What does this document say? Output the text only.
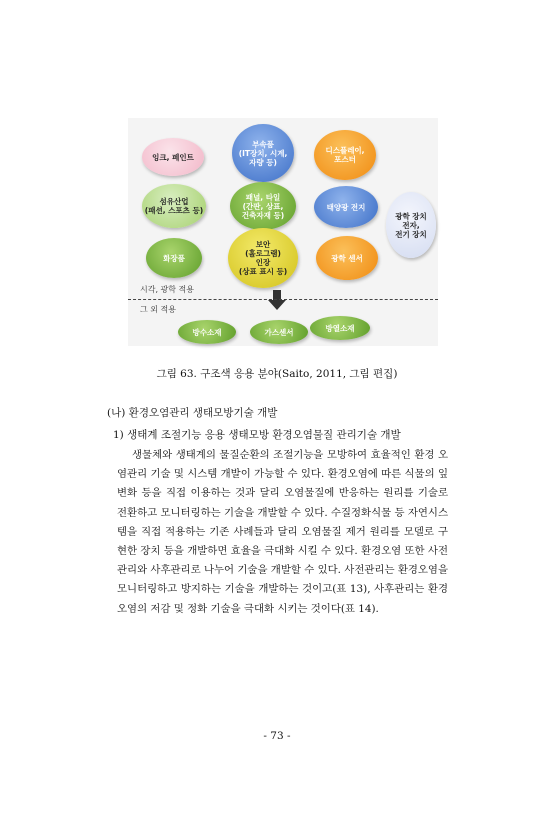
잉크, 페인트
부속품
(IT장치, 시계,
자량 등)
디스플레이,
포스터
섬유산업
(패션, 스포츠 등)
패널, 타일
(간판, 상표,
건축자재 등)
태양광 전지
광학 장치
전자,
전기 장치
화장품
보안
(홀로그램)
인장
(상표 표시 등)
광학 센서
시각, 광학 적용
그 외 적용
방수소재	가스센서	방열소재
그림 63. 구조색 응용 분야(Saito, 2011, 그림 편집)
(나) 환경오염관리 생태모방기술 개발
1) 생태계 조절기능 응용 생태모방 환경오염물질 관리기술 개발

생물체와 생태계의 물질순환의 조절기능을 모방하여 효율적인 환경 오염관리 기술 및 시스템 개발이 가능할 수 있다. 환경오염에 따른 식물의 잎 변화 등을 직접 이용하는 것과 달리 오염물질에 반응하는 원리를 기술로 전환하고 모니터링하는 기술을 개발할 수 있다. 수질정화식물 등 자연시스템을 직접 적용하는 기존 사례들과 달리 오염물질 제거 원리를 모델로 구현한 장치 등을 개발하면 효율을 극대화 시킬 수 있다. 환경오염 또한 사전관리와 사후관리로 나누어 기술을 개발할 수 있다. 사전관리는 환경오염을 모니터링하고 방지하는 기술을 개발하는 것이고(표 13), 사후관리는 환경오염의 저감 및 정화 기술을 극대화 시키는 것이다(표 14).

- 73 -
